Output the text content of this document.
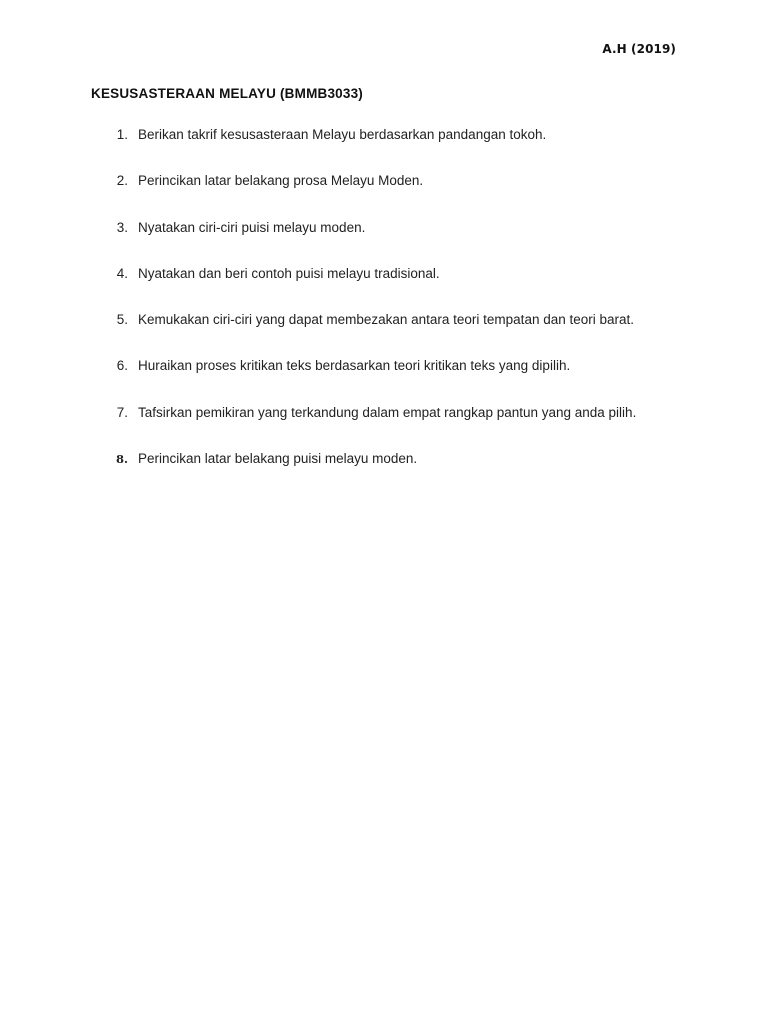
A.H (2019)
KESUSASTERAAN MELAYU (BMMB3033)
1. Berikan takrif kesusasteraan Melayu berdasarkan pandangan tokoh.
2. Perincikan latar belakang prosa Melayu Moden.
3. Nyatakan ciri-ciri puisi melayu moden.
4. Nyatakan dan beri contoh puisi melayu tradisional.
5. Kemukakan ciri-ciri yang dapat membezakan antara teori tempatan dan teori barat.
6. Huraikan proses kritikan teks berdasarkan teori kritikan teks yang dipilih.
7. Tafsirkan pemikiran yang terkandung dalam empat rangkap pantun yang anda pilih.
8. Perincikan latar belakang puisi melayu moden.
